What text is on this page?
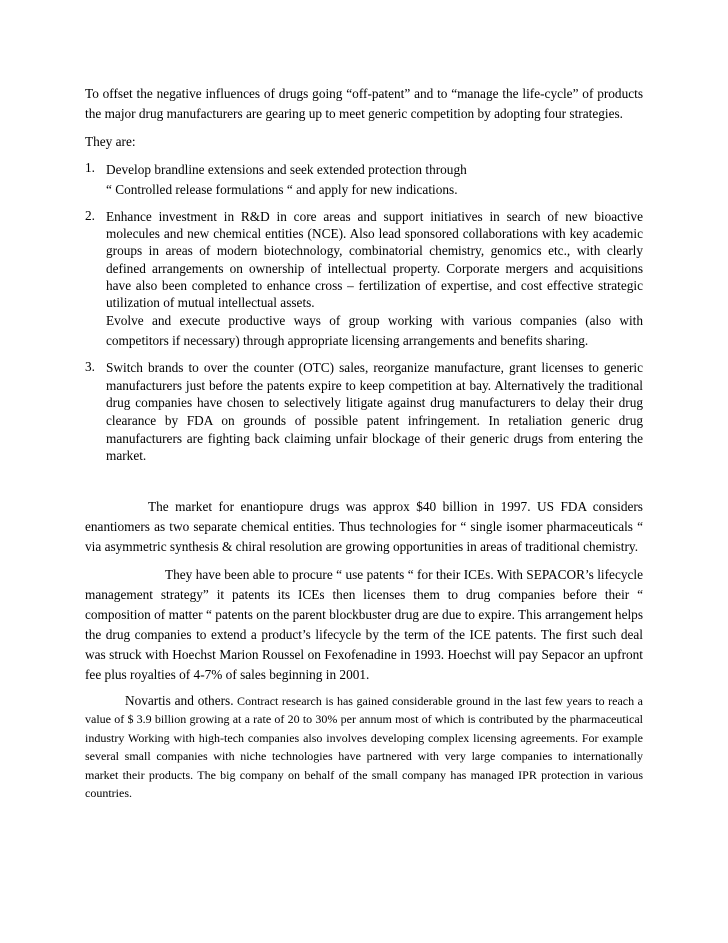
To offset the negative influences of drugs going “off-patent” and to “manage the life-cycle” of products the major drug manufacturers are gearing up to meet generic competition by adopting four strategies.

They are:

1. Develop brandline extensions and seek extended protection through

“ Controlled release formulations “ and apply for new indications.

2. Enhance investment in R&D in core areas and support initiatives in search of new bioactive molecules and new chemical entities (NCE). Also lead sponsored collaborations with key academic groups in areas of modern biotechnology, combinatorial chemistry, genomics etc., with clearly defined arrangements on ownership of intellectual property. Corporate mergers and acquisitions have also been completed to enhance cross – fertilization of expertise, and cost effective strategic utilization of mutual intellectual assets.

Evolve and execute productive ways of group working with various companies (also with competitors if necessary) through appropriate licensing arrangements and benefits sharing.

3. Switch brands to over the counter (OTC) sales, reorganize manufacture, grant licenses to generic manufacturers just before the patents expire to keep competition at bay. Alternatively the traditional drug companies have chosen to selectively litigate against drug manufacturers to delay their drug clearance by FDA on grounds of possible patent infringement. In retaliation generic drug manufacturers are fighting back claiming unfair blockage of their generic drugs from entering the market.

The market for enantiopure drugs was approx $40 billion in 1997. US FDA considers enantiomers as two separate chemical entities. Thus technologies for “ single isomer pharmaceuticals “ via asymmetric synthesis & chiral resolution are growing opportunities in areas of traditional chemistry.

They have been able to procure “ use patents “ for their ICEs. With SEPACOR’s lifecycle management strategy” it patents its ICEs then licenses them to drug companies before their “ composition of matter “ patents on the parent blockbuster drug are due to expire. This arrangement helps the drug companies to extend a product’s lifecycle by the term of the ICE patents. The first such deal was struck with Hoechst Marion Roussel on Fexofenadine in 1993. Hoechst will pay Sepacor an upfront fee plus royalties of 4-7% of sales beginning in 2001.

Novartis and others. Contract research is has gained considerable ground in the last few years to reach a value of $ 3.9 billion growing at a rate of 20 to 30% per annum most of which is contributed by the pharmaceutical industry Working with high-tech companies also involves developing complex licensing agreements. For example several small companies with niche technologies have partnered with very large companies to internationally market their products. The big company on behalf of the small company has managed IPR protection in various countries.
